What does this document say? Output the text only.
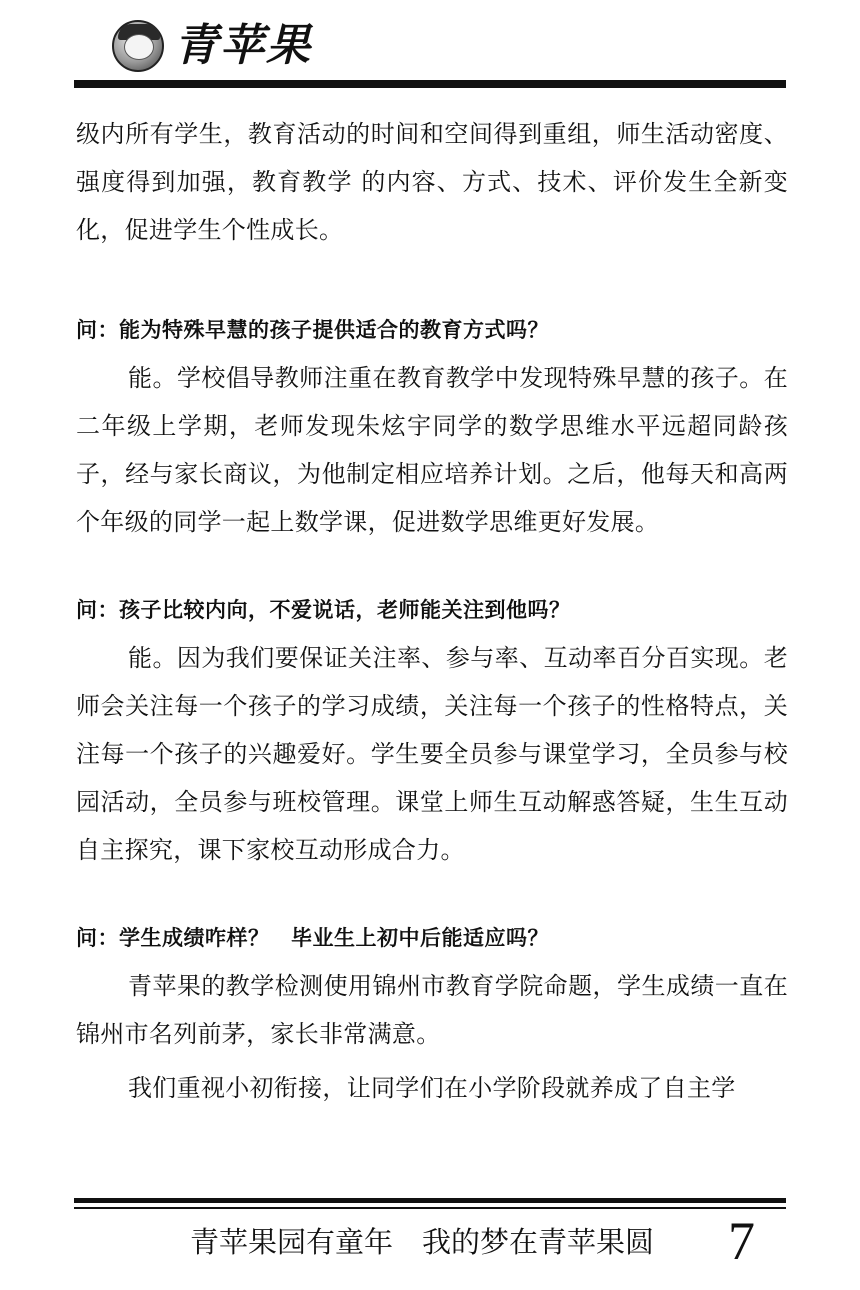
青苹果

级内所有学生，教育活动的时间和空间得到重组，师生活动密度、强度得到加强，教育教学 的内容、方式、技术、评价发生全新变化，促进学生个性成长。

问：能为特殊早慧的孩子提供适合的教育方式吗？

能。学校倡导教师注重在教育教学中发现特殊早慧的孩子。在二年级上学期，老师发现朱炫宇同学的数学思维水平远超同龄孩子，经与家长商议，为他制定相应培养计划。之后，他每天和高两个年级的同学一起上数学课，促进数学思维更好发展。

问：孩子比较内向，不爱说话，老师能关注到他吗？

能。因为我们要保证关注率、参与率、互动率百分百实现。老师会关注每一个孩子的学习成绩，关注每一个孩子的性格特点，关注每一个孩子的兴趣爱好。学生要全员参与课堂学习，全员参与校园活动，全员参与班校管理。课堂上师生互动解惑答疑，生生互动自主探究，课下家校互动形成合力。

问：学生成绩咋样？　毕业生上初中后能适应吗？

青苹果的教学检测使用锦州市教育学院命题，学生成绩一直在锦州市名列前茅，家长非常满意。

我们重视小初衔接，让同学们在小学阶段就养成了自主学

青苹果园有童年　我的梦在青苹果圆 7
